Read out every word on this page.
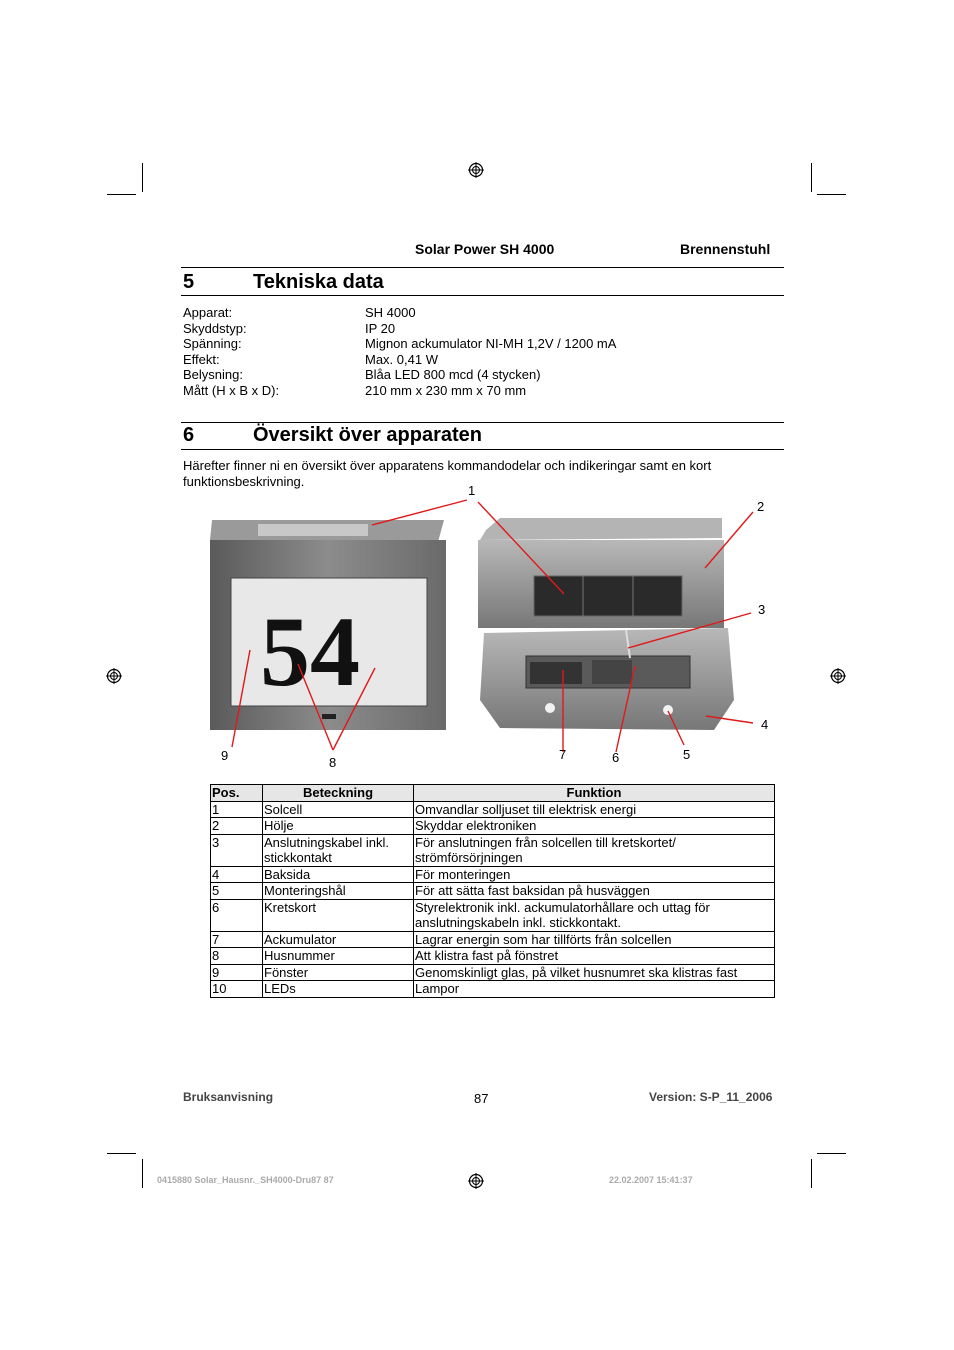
Solar Power SH 4000	Brennenstuhl
5	Tekniska data
Apparat:	SH 4000
Skyddstyp:	IP 20
Spänning:	Mignon ackumulator NI-MH 1,2V / 1200 mA
Effekt:	Max. 0,41 W
Belysning:	Blåa LED 800 mcd (4 stycken)
Mått (H x B x D):	210 mm x 230 mm x 70 mm
6	Översikt över apparaten
Härefter finner ni en översikt över apparatens kommandodelar och indikeringar samt en kort funktionsbeskrivning.
54
1
2
3
4
5
6
7
8
9
Pos.	Beteckning	Funktion
1	Solcell	Omvandlar solljuset till elektrisk energi
2	Hölje	Skyddar elektroniken
3	Anslutningskabel inkl. stickkontakt	För anslutningen från solcellen till kretskortet/ strömförsörjningen
4	Baksida	För monteringen
5	Monteringshål	För att sätta fast baksidan på husväggen
6	Kretskort	Styrelektronik inkl. ackumulatorhållare och uttag för anslutningskabeln inkl. stickkontakt.
7	Ackumulator	Lagrar energin som har tillförts från solcellen
8	Husnummer	Att klistra fast på fönstret
9	Fönster	Genomskinligt glas, på vilket husnumret ska klistras fast
10	LEDs	Lampor
Bruksanvisning	87	Version: S-P_11_2006
0415880 Solar_Hausnr._SH4000-Dru87 87	22.02.2007 15:41:37
